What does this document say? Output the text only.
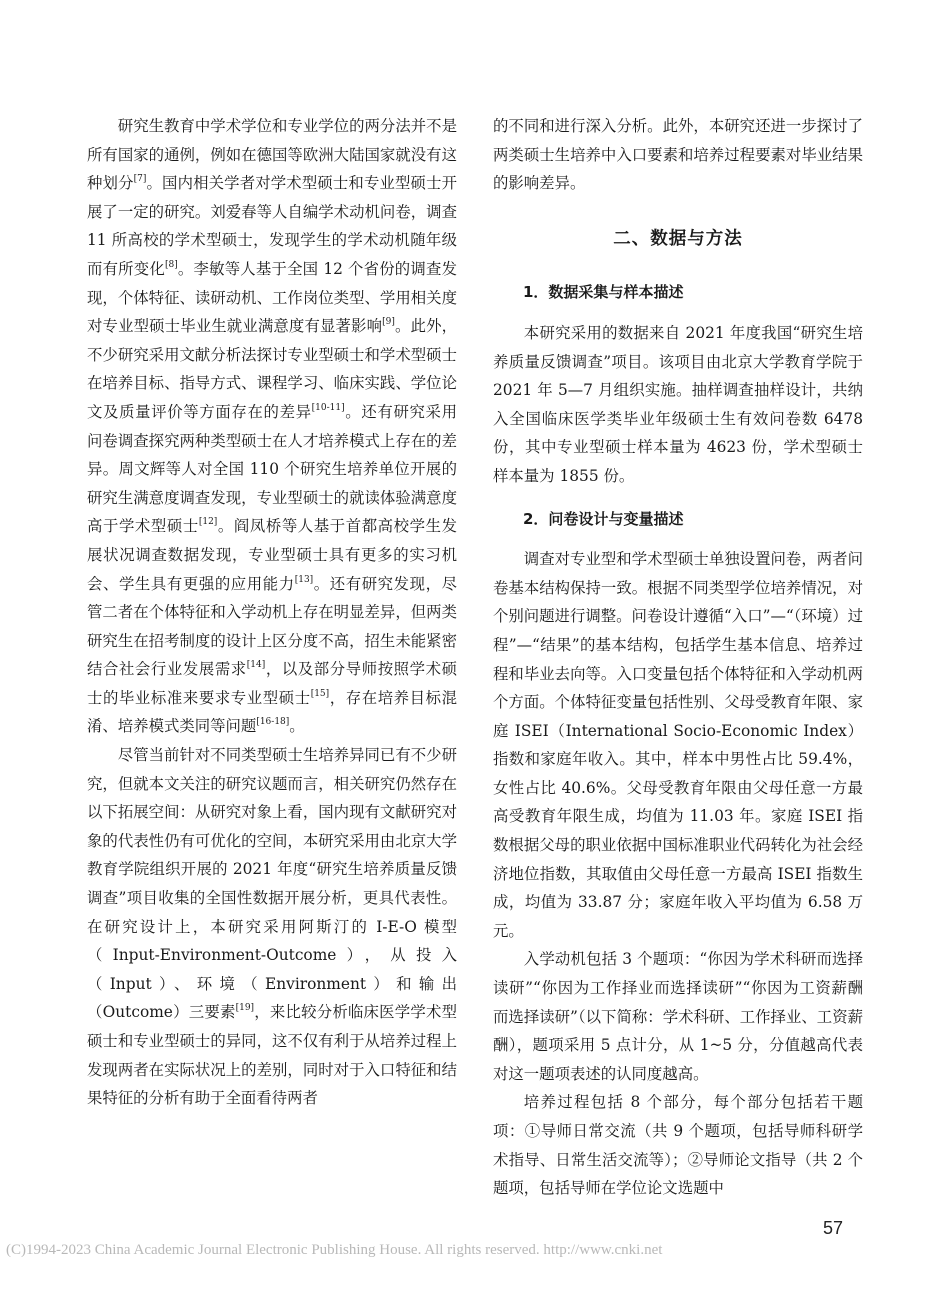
研究生教育中学术学位和专业学位的两分法并不是所有国家的通例，例如在德国等欧洲大陆国家就没有这种划分[7]。国内相关学者对学术型硕士和专业型硕士开展了一定的研究。刘爱春等人自编学术动机问卷，调查 11 所高校的学术型硕士，发现学生的学术动机随年级而有所变化[8]。李敏等人基于全国 12 个省份的调查发现，个体特征、读研动机、工作岗位类型、学用相关度对专业型硕士毕业生就业满意度有显著影响[9]。此外，不少研究采用文献分析法探讨专业型硕士和学术型硕士在培养目标、指导方式、课程学习、临床实践、学位论文及质量评价等方面存在的差异[10-11]。还有研究采用问卷调查探究两种类型硕士在人才培养模式上存在的差异。周文辉等人对全国 110 个研究生培养单位开展的研究生满意度调查发现，专业型硕士的就读体验满意度高于学术型硕士[12]。阎凤桥等人基于首都高校学生发展状况调查数据发现，专业型硕士具有更多的实习机会、学生具有更强的应用能力[13]。还有研究发现，尽管二者在个体特征和入学动机上存在明显差异，但两类研究生在招考制度的设计上区分度不高，招生未能紧密结合社会行业发展需求[14]，以及部分导师按照学术硕士的毕业标准来要求专业型硕士[15]，存在培养目标混淆、培养模式类同等问题[16-18]。

尽管当前针对不同类型硕士生培养异同已有不少研究，但就本文关注的研究议题而言，相关研究仍然存在以下拓展空间：从研究对象上看，国内现有文献研究对象的代表性仍有可优化的空间，本研究采用由北京大学教育学院组织开展的 2021 年度“研究生培养质量反馈调查”项目收集的全国性数据开展分析，更具代表性。在研究设计上，本研究采用阿斯汀的 I-E-O 模型（Input-Environment-Outcome），从投入（Input）、环境（Environment）和输出（Outcome）三要素[19]，来比较分析临床医学学术型硕士和专业型硕士的异同，这不仅有利于从培养过程上发现两者在实际状况上的差别，同时对于入口特征和结果特征的分析有助于全面看待两者

的不同和进行深入分析。此外，本研究还进一步探讨了两类硕士生培养中入口要素和培养过程要素对毕业结果的影响差异。

二、数据与方法
1．数据采集与样本描述

本研究采用的数据来自 2021 年度我国“研究生培养质量反馈调查”项目。该项目由北京大学教育学院于 2021 年 5—7 月组织实施。抽样调查抽样设计，共纳入全国临床医学类毕业年级硕士生有效问卷数 6478 份，其中专业型硕士样本量为 4623 份，学术型硕士样本量为 1855 份。

2．问卷设计与变量描述

调查对专业型和学术型硕士单独设置问卷，两者问卷基本结构保持一致。根据不同类型学位培养情况，对个别问题进行调整。问卷设计遵循“入口”—“（环境）过程”—“结果”的基本结构，包括学生基本信息、培养过程和毕业去向等。入口变量包括个体特征和入学动机两个方面。个体特征变量包括性别、父母受教育年限、家庭 ISEI（International Socio-Economic Index）指数和家庭年收入。其中，样本中男性占比 59.4%，女性占比 40.6%。父母受教育年限由父母任意一方最高受教育年限生成，均值为 11.03 年。家庭 ISEI 指数根据父母的职业依据中国标准职业代码转化为社会经济地位指数，其取值由父母任意一方最高 ISEI 指数生成，均值为 33.87 分；家庭年收入平均值为 6.58 万元。

入学动机包括 3 个题项：“你因为学术科研而选择读研”“你因为工作择业而选择读研”“你因为工资薪酬而选择读研”（以下简称：学术科研、工作择业、工资薪酬），题项采用 5 点计分，从 1~5 分，分值越高代表对这一题项表述的认同度越高。

培养过程包括 8 个部分，每个部分包括若干题项：①导师日常交流（共 9 个题项，包括导师科研学术指导、日常生活交流等）；②导师论文指导（共 2 个题项，包括导师在学位论文选题中

57
(C)1994-2023 China Academic Journal Electronic Publishing House. All rights reserved. http://www.cnki.net
